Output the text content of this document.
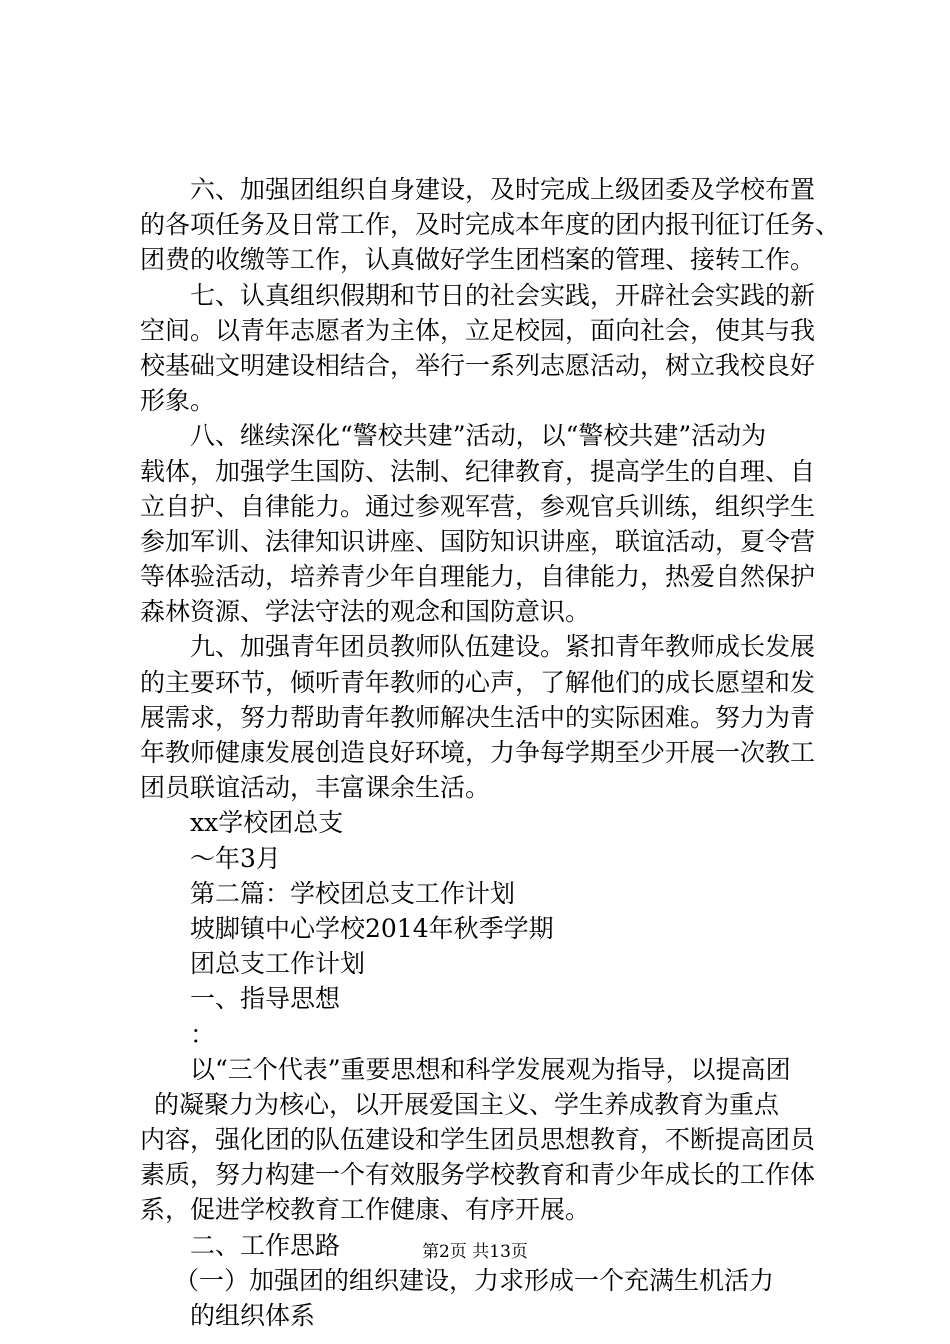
六、加强团组织自身建设，及时完成上级团委及学校布置
的各项任务及日常工作，及时完成本年度的团内报刊征订任务、
团费的收缴等工作，认真做好学生团档案的管理、接转工作。
七、认真组织假期和节日的社会实践，开辟社会实践的新
空间。以青年志愿者为主体，立足校园，面向社会，使其与我
校基础文明建设相结合，举行一系列志愿活动，树立我校良好
形象。
八、继续深化“警校共建”活动，以“警校共建”活动为
载体，加强学生国防、法制、纪律教育，提高学生的自理、自
立自护、自律能力。通过参观军营，参观官兵训练，组织学生
参加军训、法律知识讲座、国防知识讲座，联谊活动，夏令营
等体验活动，培养青少年自理能力，自律能力，热爱自然保护
森林资源、学法守法的观念和国防意识。
九、加强青年团员教师队伍建设。紧扣青年教师成长发展
的主要环节，倾听青年教师的心声，了解他们的成长愿望和发
展需求，努力帮助青年教师解决生活中的实际困难。努力为青
年教师健康发展创造良好环境，力争每学期至少开展一次教工
团员联谊活动，丰富课余生活。
xx学校团总支
～年3月
第二篇：学校团总支工作计划
坡脚镇中心学校2014年秋季学期
团总支工作计划
一、指导思想
：
以“三个代表”重要思想和科学发展观为指导，以提高团
的凝聚力为核心，以开展爱国主义、学生养成教育为重点
内容，强化团的队伍建设和学生团员思想教育，不断提高团员
素质，努力构建一个有效服务学校教育和青少年成长的工作体
系，促进学校教育工作健康、有序开展。
二、工作思路
（一）加强团的组织建设，力求形成一个充满生机活力
的组织体系
第2页 共13页
